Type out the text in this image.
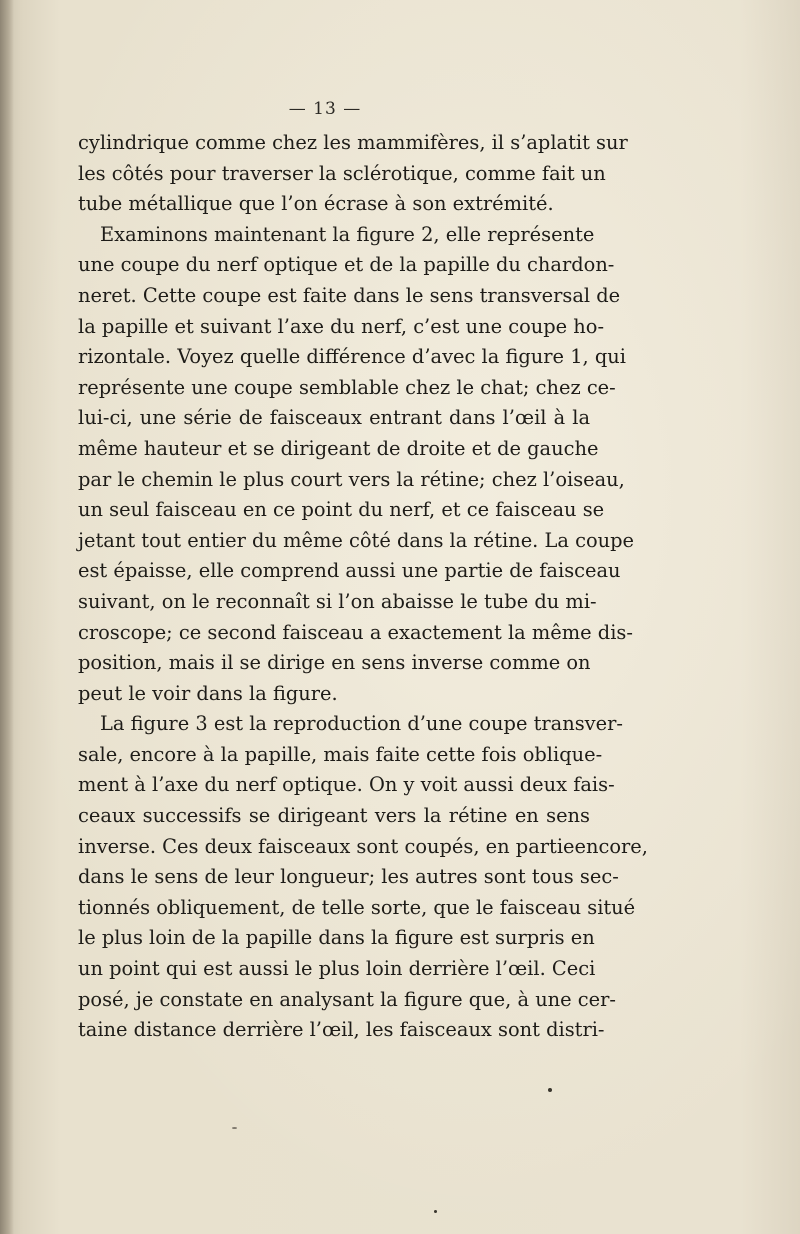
— 13 —
cylindrique comme chez les mammifères, il s’aplatit sur
les côtés pour traverser la sclérotique, comme fait un
tube métallique que l’on écrase à son extrémité.
Examinons maintenant la figure 2, elle représente
une coupe du nerf optique et de la papille du chardon-
neret. Cette coupe est faite dans le sens transversal de
la papille et suivant l’axe du nerf, c’est une coupe ho-
rizontale. Voyez quelle différence d’avec la figure 1, qui
représente une coupe semblable chez le chat; chez ce-
lui-ci, une série de faisceaux entrant dans l’œil à la
même hauteur et se dirigeant de droite et de gauche
par le chemin le plus court vers la rétine; chez l’oiseau,
un seul faisceau en ce point du nerf, et ce faisceau se
jetant tout entier du même côté dans la rétine. La coupe
est épaisse, elle comprend aussi une partie de faisceau
suivant, on le reconnaît si l’on abaisse le tube du mi-
croscope; ce second faisceau a exactement la même dis-
position, mais il se dirige en sens inverse comme on
peut le voir dans la figure.
La figure 3 est la reproduction d’une coupe transver-
sale, encore à la papille, mais faite cette fois oblique-
ment à l’axe du nerf optique. On y voit aussi deux fais-
ceaux successifs se dirigeant vers la rétine en sens
inverse. Ces deux faisceaux sont coupés, en partieencore,
dans le sens de leur longueur; les autres sont tous sec-
tionnés obliquement, de telle sorte, que le faisceau situé
le plus loin de la papille dans la figure est surpris en
un point qui est aussi le plus loin derrière l’œil. Ceci
posé, je constate en analysant la figure que, à une cer-
taine distance derrière l’œil, les faisceaux sont distri-
